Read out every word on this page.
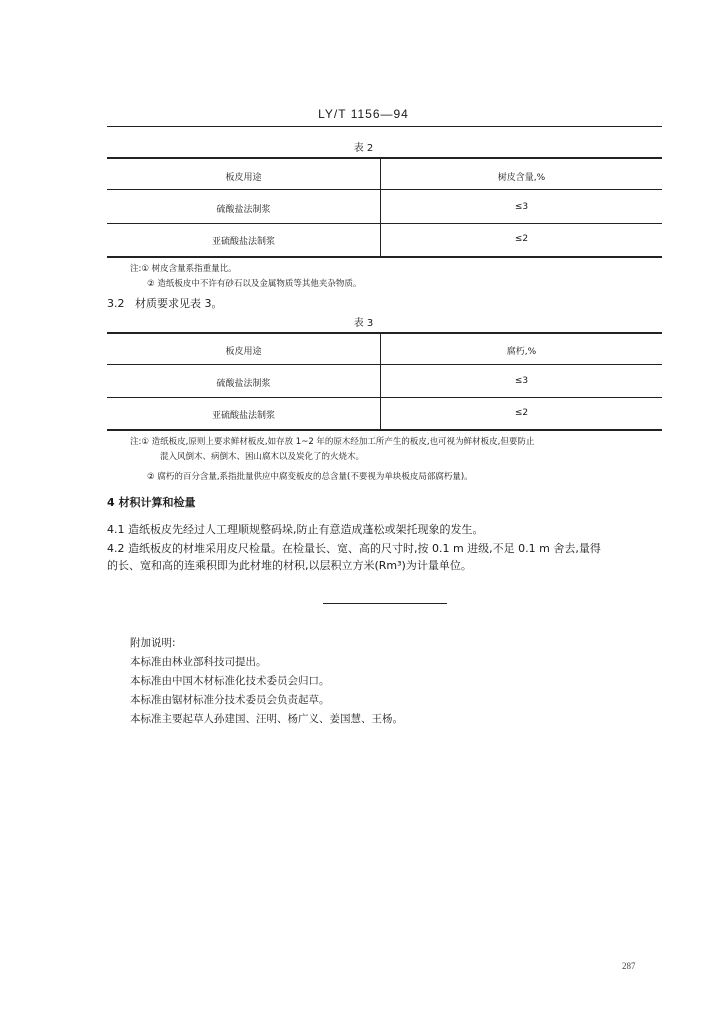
LY/T 1156—94
表 2
板皮用途	树皮含量,%
硫酸盐法制浆	≤3
亚硫酸盐法制浆	≤2
注:① 树皮含量系指重量比。
② 造纸板皮中不许有砂石以及金属物质等其他夹杂物质。
3.2 材质要求见表 3。
表 3
板皮用途	腐朽,%
硫酸盐法制浆	≤3
亚硫酸盐法制浆	≤2
注:① 造纸板皮,原则上要求鲜材板皮,如存放 1~2 年的原木经加工所产生的板皮,也可视为鲜材板皮,但要防止
混入风倒木、病倒木、困山腐木以及炭化了的火烧木。
② 腐朽的百分含量,系指批量供应中腐变板皮的总含量(不要视为单块板皮局部腐朽量)。
4 材积计算和检量
4.1 造纸板皮先经过人工理顺规整码垛,防止有意造成蓬松或架托现象的发生。
4.2 造纸板皮的材堆采用皮尺检量。在检量长、宽、高的尺寸时,按 0.1 m 进级,不足 0.1 m 舍去,量得
的长、宽和高的连乘积即为此材堆的材积,以层积立方米(Rm³)为计量单位。
附加说明:
本标准由林业部科技司提出。
本标准由中国木材标准化技术委员会归口。
本标准由锯材标准分技术委员会负责起草。
本标准主要起草人孙建国、汪明、杨广义、姜国慧、王杨。
287
